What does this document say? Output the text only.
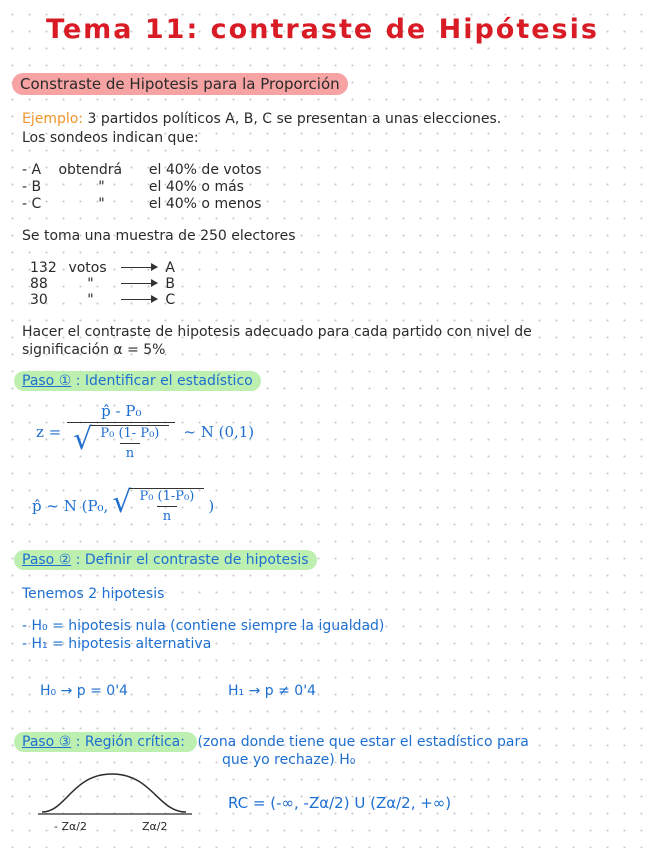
Tema 11: contraste de Hipótesis
Constraste de Hipotesis para la Proporción
Ejemplo: 3 partidos políticos A, B, C se presentan a unas elecciones.
Los sondeos indican que:
- A obtendrá el 40% de votos
- B	"	el 40% o más
- C	"	el 40% o menos
Se toma una muestra de 250 electores
132 votos	A
88	"	B
30	"	C
Hacer el contraste de hipotesis adecuado para cada partido con nivel de
significación α = 5%
Paso ① : Identificar el estadístico
$z = \frac{\text{p̂ - P₀}}{√ \frac{\text{P₀ (1- P₀)}}{n}}$ ~ N (0,1)
p̂ ~ N (P₀, √ $\frac{\text{P₀ (1-P₀)}}{n}$ )
Paso ② : Definir el contraste de hipotesis
Tenemos 2 hipotesis
- H₀ = hipotesis nula (contiene siempre la igualdad)
- H₁ = hipotesis alternativa
H₀ → p = 0'4	H₁ → p ≠ 0'4
Paso ③ : Región crítica: (zona donde tiene que estar el estadístico para
que yo rechaze) H₀
- Zα/2	Zα/2
RC = (-∞, -Zα/2) U (Zα/2, +∞)
